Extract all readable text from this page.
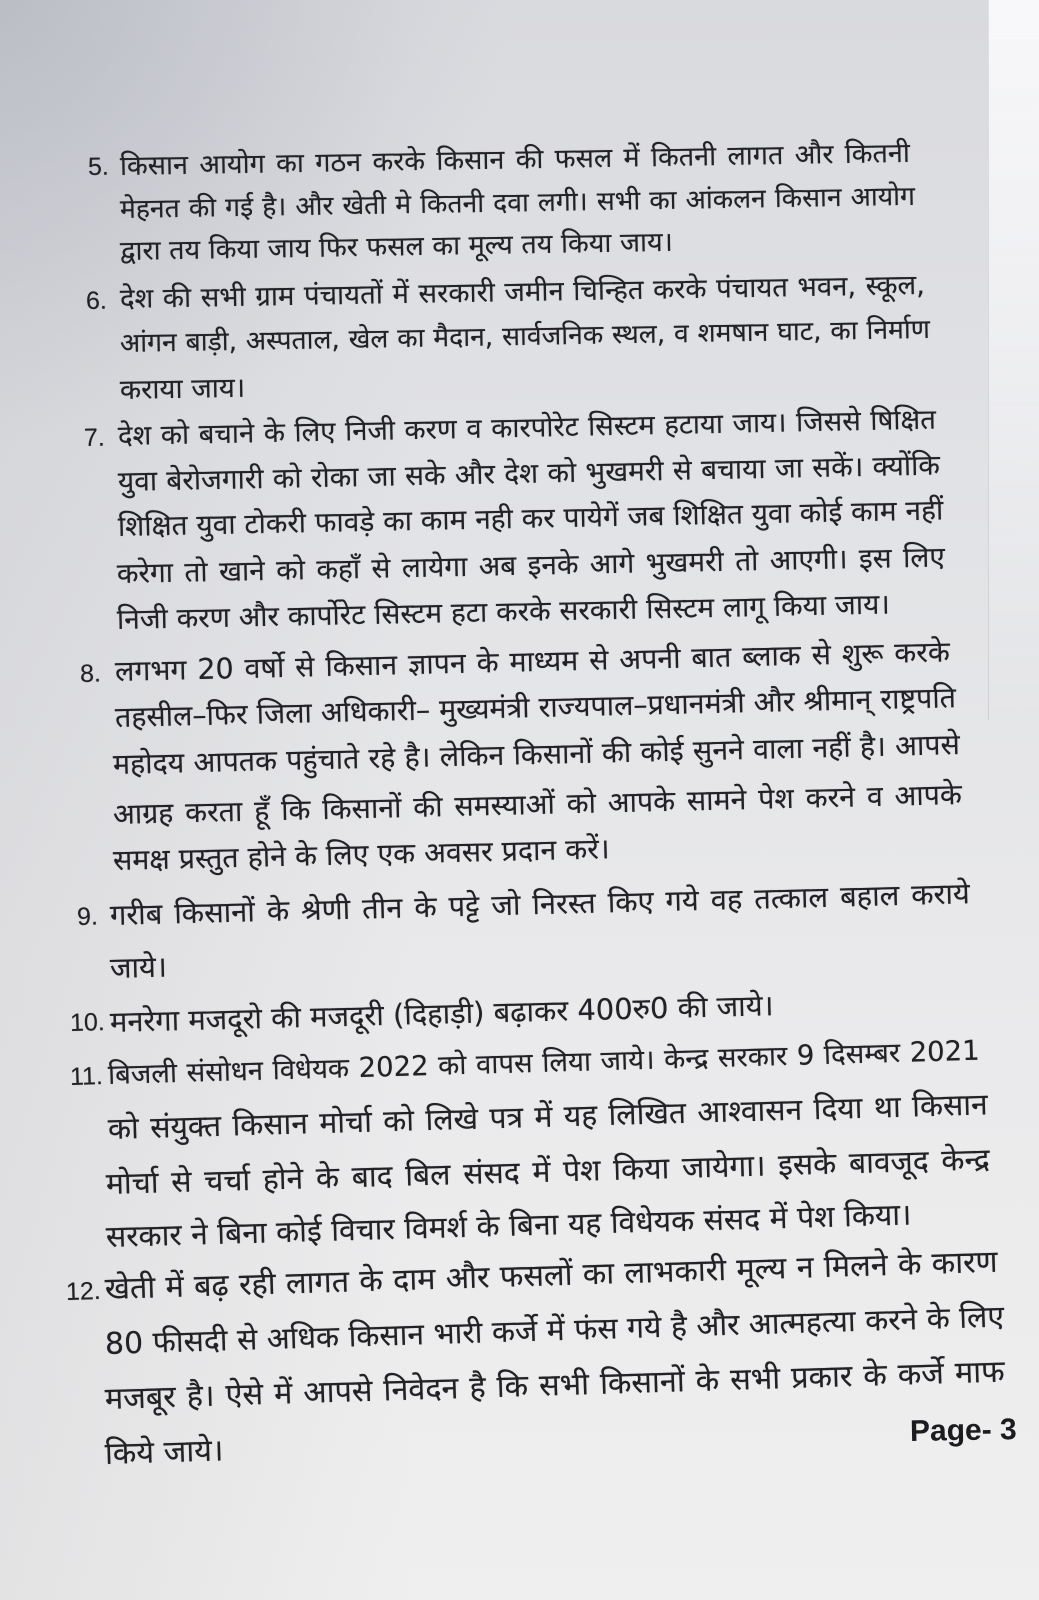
5. किसान आयोग का गठन करके किसान की फसल में कितनी लागत और कितनी
मेहनत की गई है। और खेती मे कितनी दवा लगी। सभी का आंकलन किसान आयोग
द्वारा तय किया जाय फिर फसल का मूल्य तय किया जाय।
6. देश की सभी ग्राम पंचायतों में सरकारी जमीन चिन्हित करके पंचायत भवन, स्कूल,
आंगन बाड़ी, अस्पताल, खेल का मैदान, सार्वजनिक स्थल, व शमषान घाट, का निर्माण
कराया जाय।
7. देश को बचाने के लिए निजी करण व कारपोरेट सिस्टम हटाया जाय। जिससे षिक्षित
युवा बेरोजगारी को रोका जा सके और देश को भुखमरी से बचाया जा सकें। क्योंकि
शिक्षित युवा टोकरी फावड़े का काम नही कर पायेगें जब शिक्षित युवा कोई काम नहीं
करेगा तो खाने को कहाँ से लायेगा अब इनके आगे भुखमरी तो आएगी। इस लिए
निजी करण और कार्पोरेट सिस्टम हटा करके सरकारी सिस्टम लागू किया जाय।
8. लगभग 20 वर्षो से किसान ज्ञापन के माध्यम से अपनी बात ब्लाक से शुरू करके
तहसील–फिर जिला अधिकारी– मुख्यमंत्री राज्यपाल–प्रधानमंत्री और श्रीमान् राष्ट्रपति
महोदय आपतक पहुंचाते रहे है। लेकिन किसानों की कोई सुनने वाला नहीं है। आपसे
आग्रह करता हूँ कि किसानों की समस्याओं को आपके सामने पेश करने व आपके
समक्ष प्रस्तुत होने के लिए एक अवसर प्रदान करें।
9. गरीब किसानों के श्रेणी तीन के पट्टे जो निरस्त किए गये वह तत्काल बहाल कराये
जाये।
10. मनरेगा मजदूरो की मजदूरी (दिहाड़ी) बढ़ाकर 400रु0 की जाये।
11. बिजली संसोधन विधेयक 2022 को वापस लिया जाये। केन्द्र सरकार 9 दिसम्बर 2021
को संयुक्त किसान मोर्चा को लिखे पत्र में यह लिखित आश्वासन दिया था किसान
मोर्चा से चर्चा होने के बाद बिल संसद में पेश किया जायेगा। इसके बावजूद केन्द्र
सरकार ने बिना कोई विचार विमर्श के बिना यह विधेयक संसद में पेश किया।
12. खेती में बढ़ रही लागत के दाम और फसलों का लाभकारी मूल्य न मिलने के कारण
80 फीसदी से अधिक किसान भारी कर्जे में फंस गये है और आत्महत्या करने के लिए
मजबूर है। ऐसे में आपसे निवेदन है कि सभी किसानों के सभी प्रकार के कर्जे माफ
किये जाये।
Page- 3
